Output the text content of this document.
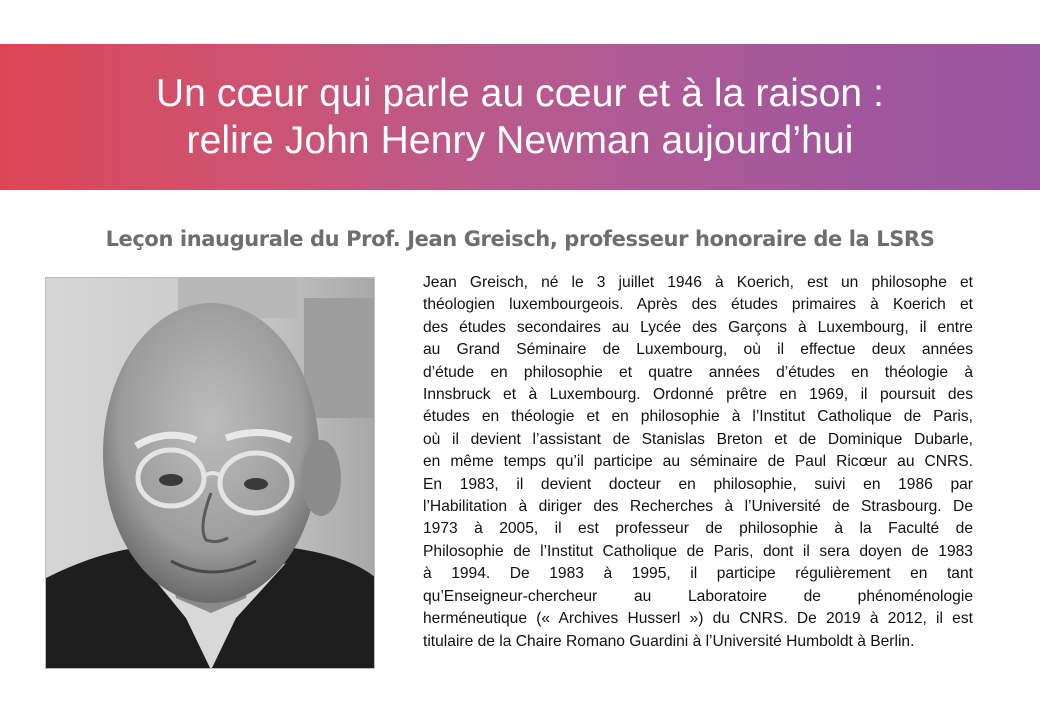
Un cœur qui parle au cœur et à la raison :
relire John Henry Newman aujourd’hui
Leçon inaugurale du Prof. Jean Greisch, professeur honoraire de la LSRS
Jean Greisch, né le 3 juillet 1946 à Koerich, est un philosophe et
théologien luxembourgeois. Après des études primaires à Koerich et
des études secondaires au Lycée des Garçons à Luxembourg, il entre
au Grand Séminaire de Luxembourg, où il effectue deux années
d’étude en philosophie et quatre années d’études en théologie à
Innsbruck et à Luxembourg. Ordonné prêtre en 1969, il poursuit des
études en théologie et en philosophie à l’Institut Catholique de Paris,
où il devient l’assistant de Stanislas Breton et de Dominique Dubarle,
en même temps qu’il participe au séminaire de Paul Ricœur au CNRS.
En 1983, il devient docteur en philosophie, suivi en 1986 par
l’Habilitation à diriger des Recherches à l’Université de Strasbourg. De
1973 à 2005, il est professeur de philosophie à la Faculté de
Philosophie de l’Institut Catholique de Paris, dont il sera doyen de 1983
à 1994. De 1983 à 1995, il participe régulièrement en tant
qu’Enseigneur-chercheur au Laboratoire de phénoménologie
herméneutique (« Archives Husserl ») du CNRS. De 2019 à 2012, il est
titulaire de la Chaire Romano Guardini à l’Université Humboldt à Berlin.
